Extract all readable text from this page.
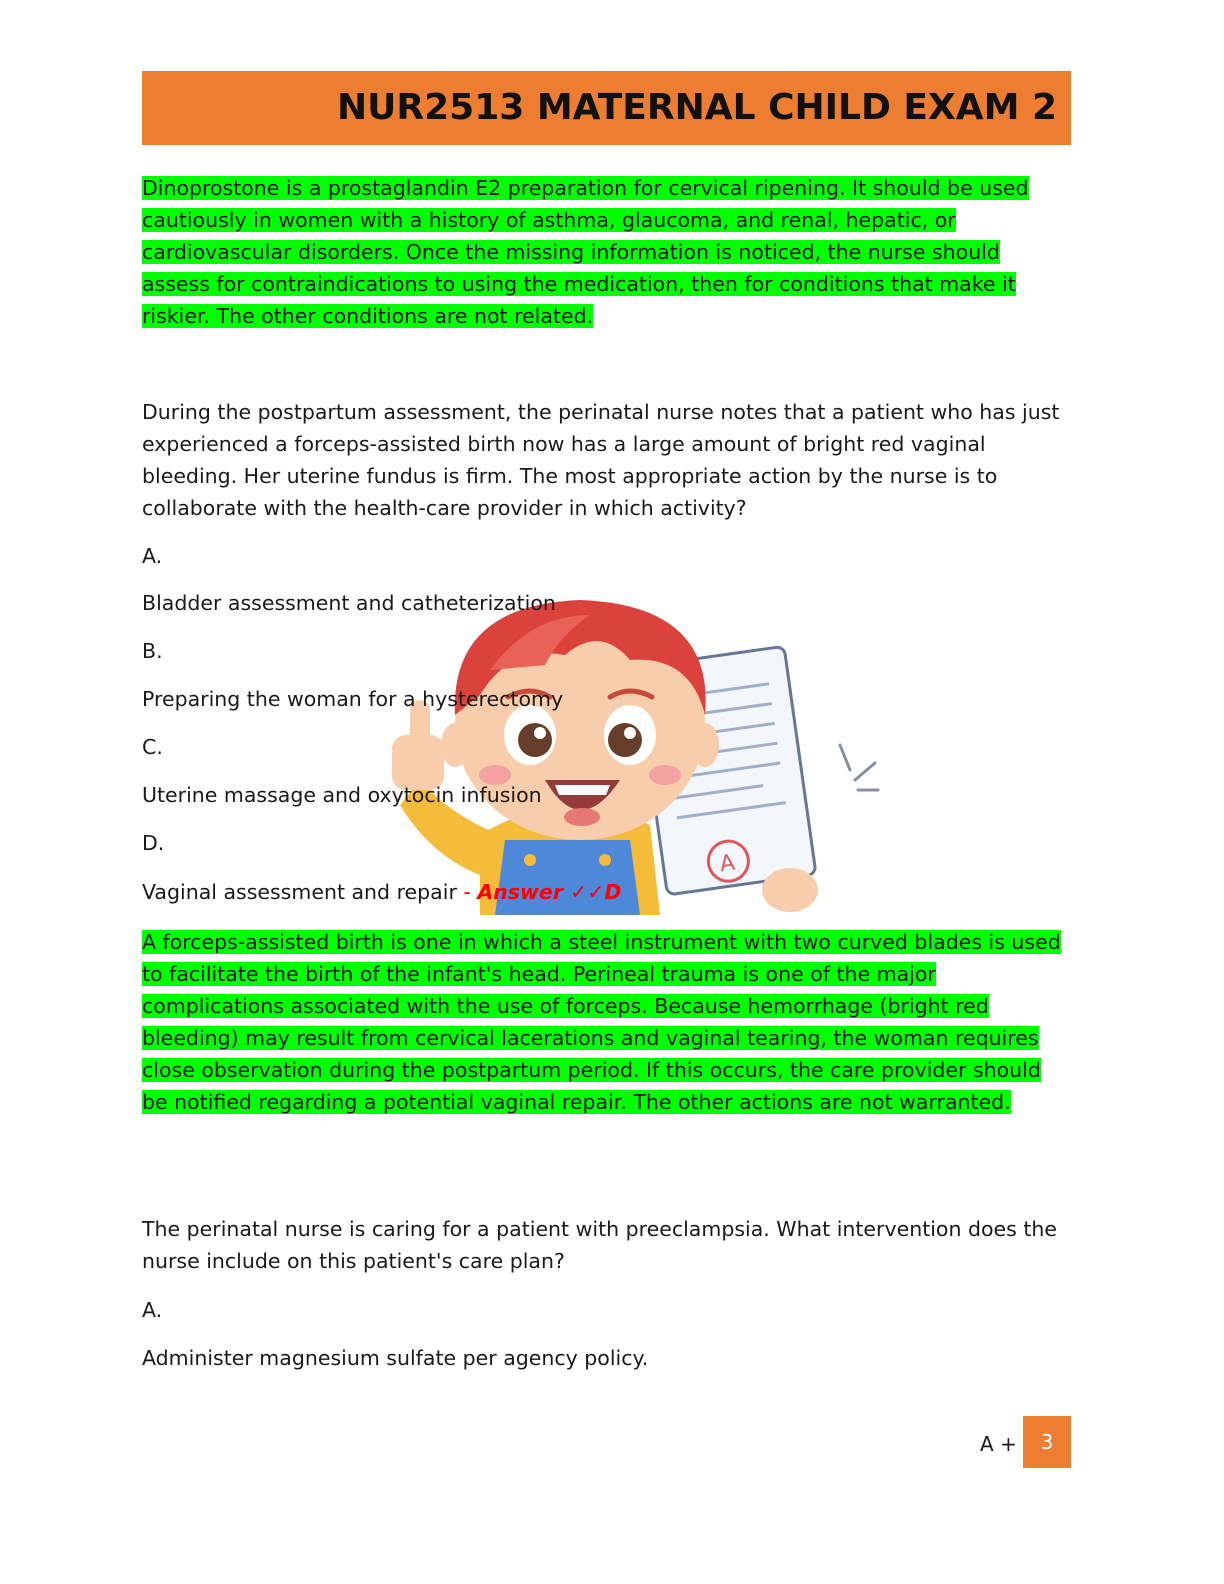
NUR2513 MATERNAL CHILD EXAM 2

Dinoprostone is a prostaglandin E2 preparation for cervical ripening. It should be used cautiously in women with a history of asthma, glaucoma, and renal, hepatic, or cardiovascular disorders. Once the missing information is noticed, the nurse should assess for contraindications to using the medication, then for conditions that make it riskier. The other conditions are not related.

A

During the postpartum assessment, the perinatal nurse notes that a patient who has just experienced a forceps-assisted birth now has a large amount of bright red vaginal bleeding. Her uterine fundus is firm. The most appropriate action by the nurse is to collaborate with the health-care provider in which activity?

A.

Bladder assessment and catheterization

B.

Preparing the woman for a hysterectomy

C.

Uterine massage and oxytocin infusion

D.

Vaginal assessment and repair - Answer ✓✓D

A forceps-assisted birth is one in which a steel instrument with two curved blades is used to facilitate the birth of the infant's head. Perineal trauma is one of the major complications associated with the use of forceps. Because hemorrhage (bright red bleeding) may result from cervical lacerations and vaginal tearing, the woman requires close observation during the postpartum period. If this occurs, the care provider should be notified regarding a potential vaginal repair. The other actions are not warranted.

The perinatal nurse is caring for a patient with preeclampsia. What intervention does the nurse include on this patient's care plan?

A.

Administer magnesium sulfate per agency policy.

A +	3
